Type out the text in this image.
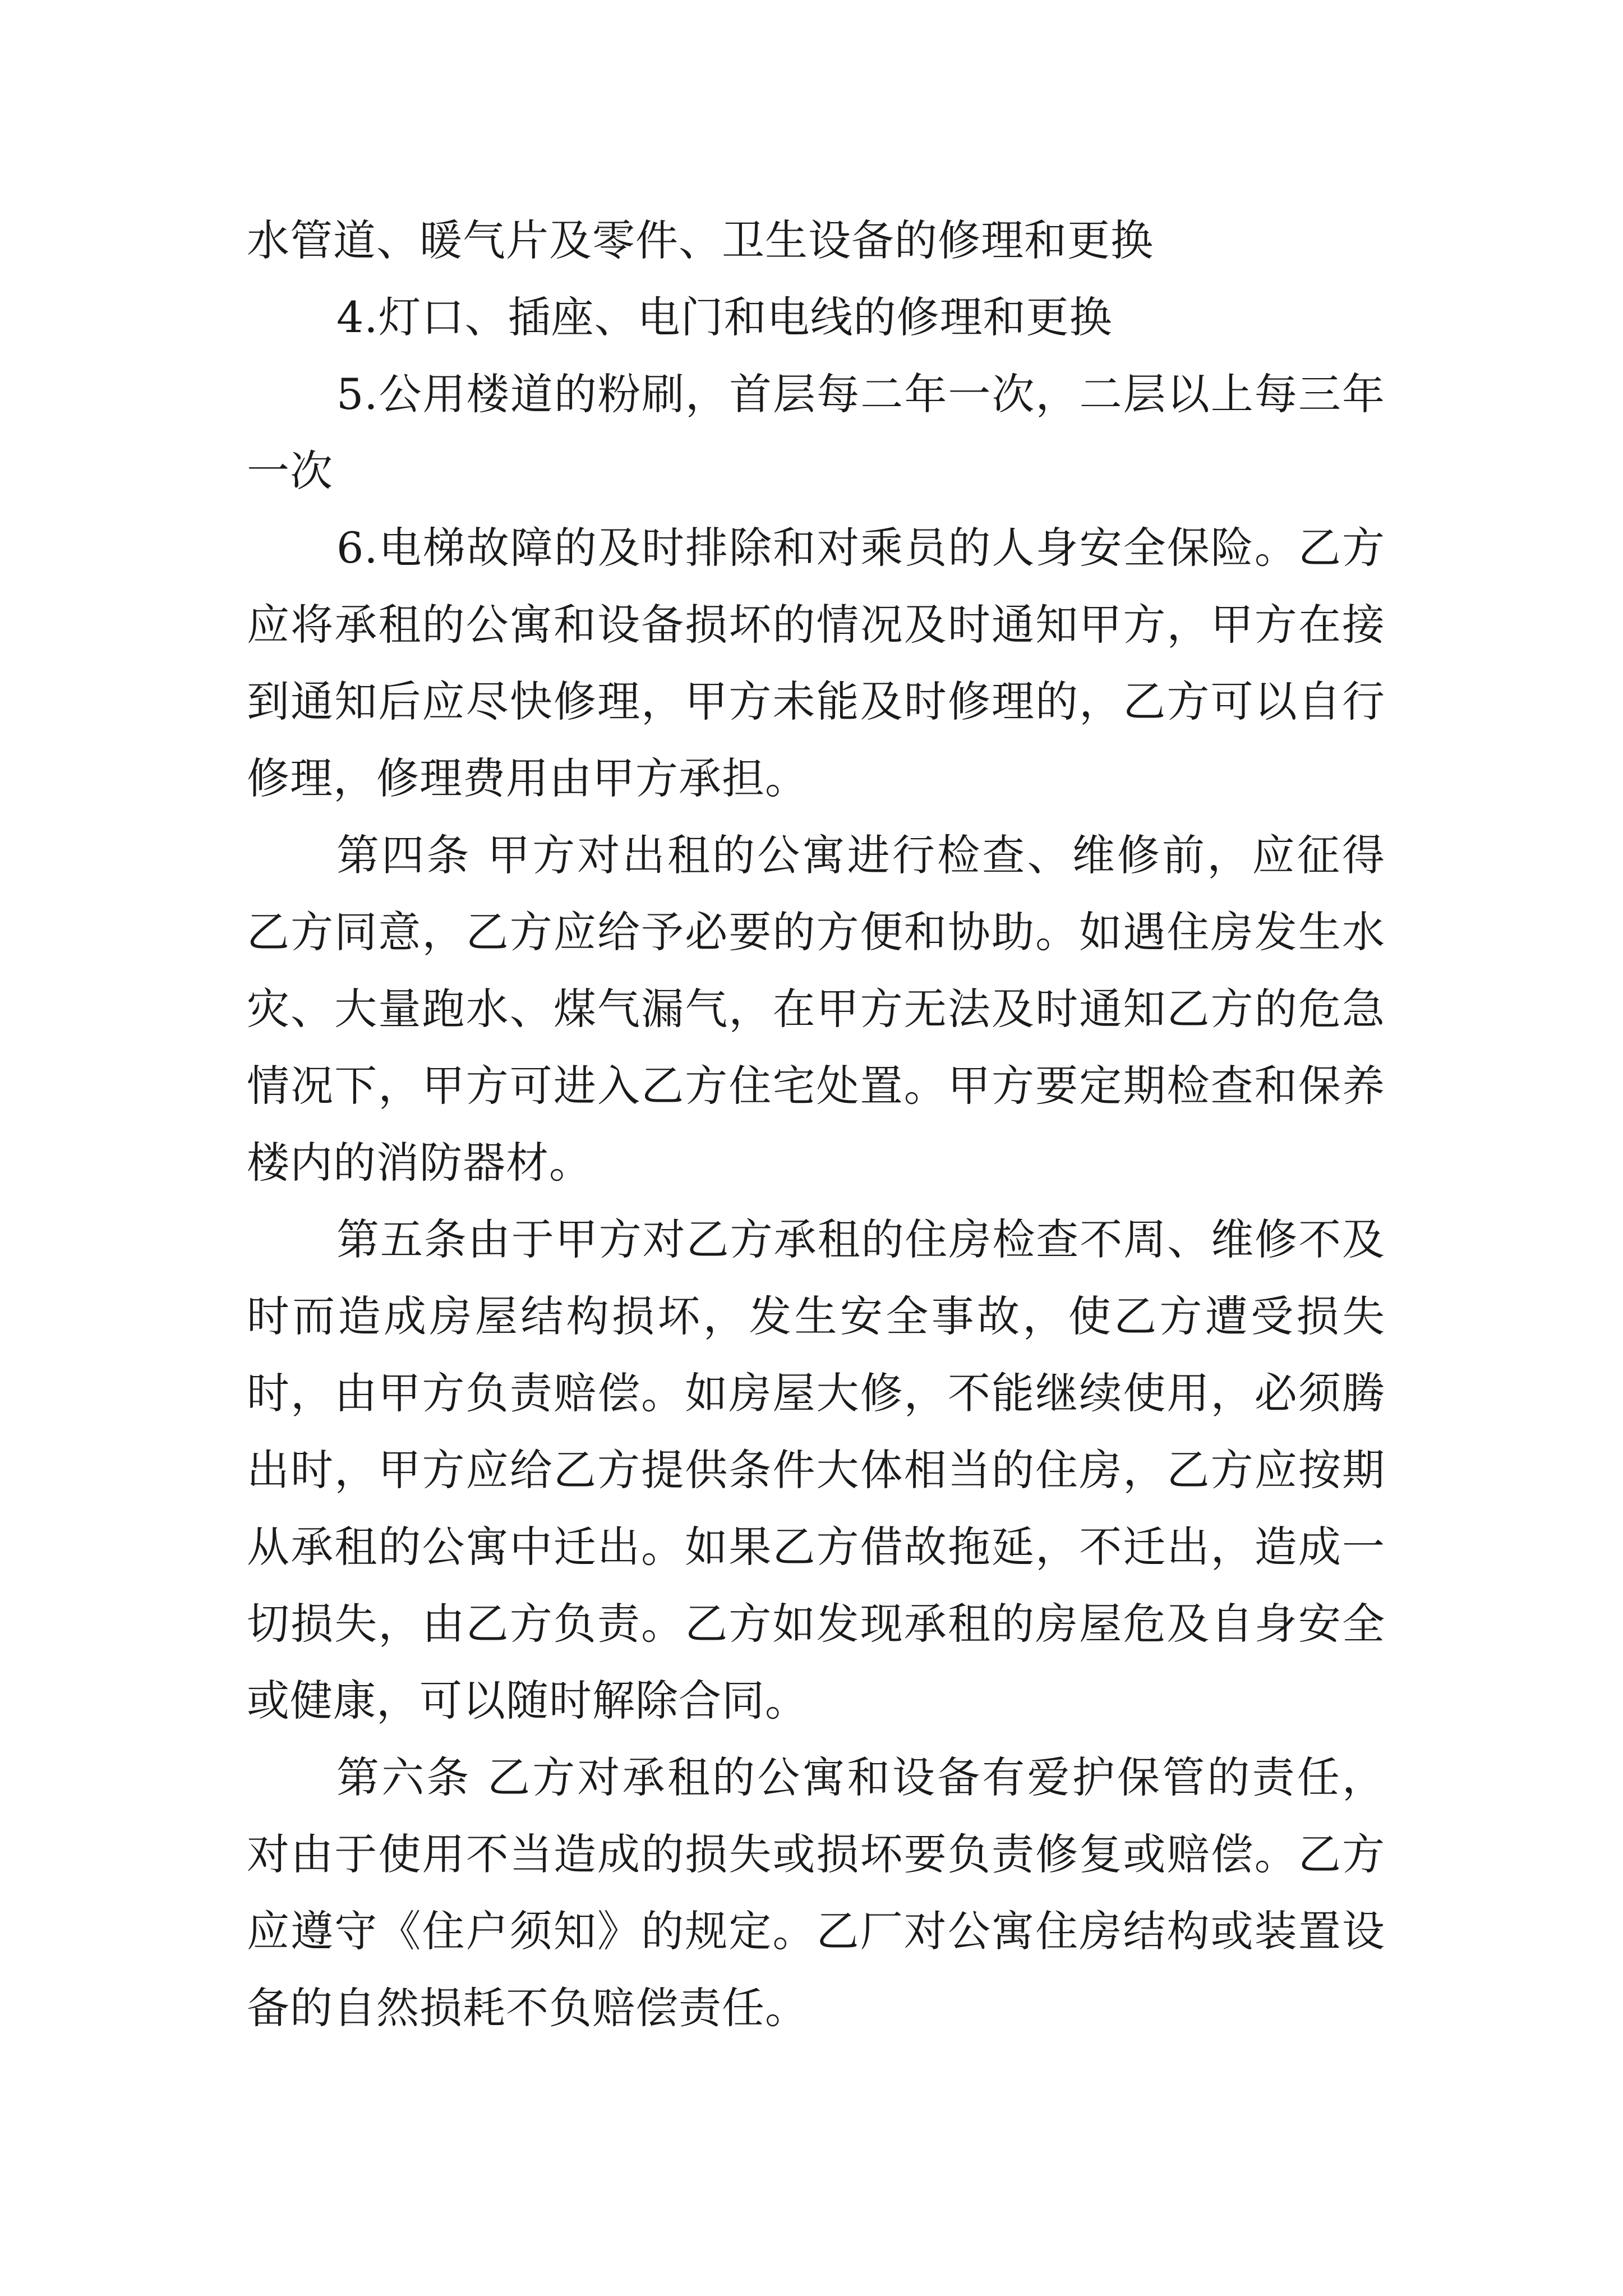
水管道、暖气片及零件、卫生设备的修理和更换

4.灯口、插座、电门和电线的修理和更换

5.公用楼道的粉刷，首层每二年一次，二层以上每三年一次

6.电梯故障的及时排除和对乘员的人身安全保险。乙方应将承租的公寓和设备损坏的情况及时通知甲方，甲方在接到通知后应尽快修理，甲方未能及时修理的，乙方可以自行修理，修理费用由甲方承担。

第四条 甲方对出租的公寓进行检查、维修前，应征得乙方同意，乙方应给予必要的方便和协助。如遇住房发生水灾、大量跑水、煤气漏气，在甲方无法及时通知乙方的危急情况下，甲方可进入乙方住宅处置。甲方要定期检查和保养楼内的消防器材。

第五条由于甲方对乙方承租的住房检查不周、维修不及时而造成房屋结构损坏，发生安全事故，使乙方遭受损失时，由甲方负责赔偿。如房屋大修，不能继续使用，必须腾出时，甲方应给乙方提供条件大体相当的住房，乙方应按期从承租的公寓中迁出。如果乙方借故拖延，不迁出，造成一切损失，由乙方负责。乙方如发现承租的房屋危及自身安全或健康，可以随时解除合同。

第六条 乙方对承租的公寓和设备有爱护保管的责任，对由于使用不当造成的损失或损坏要负责修复或赔偿。乙方应遵守《住户须知》的规定。乙厂对公寓住房结构或装置设备的自然损耗不负赔偿责任。
